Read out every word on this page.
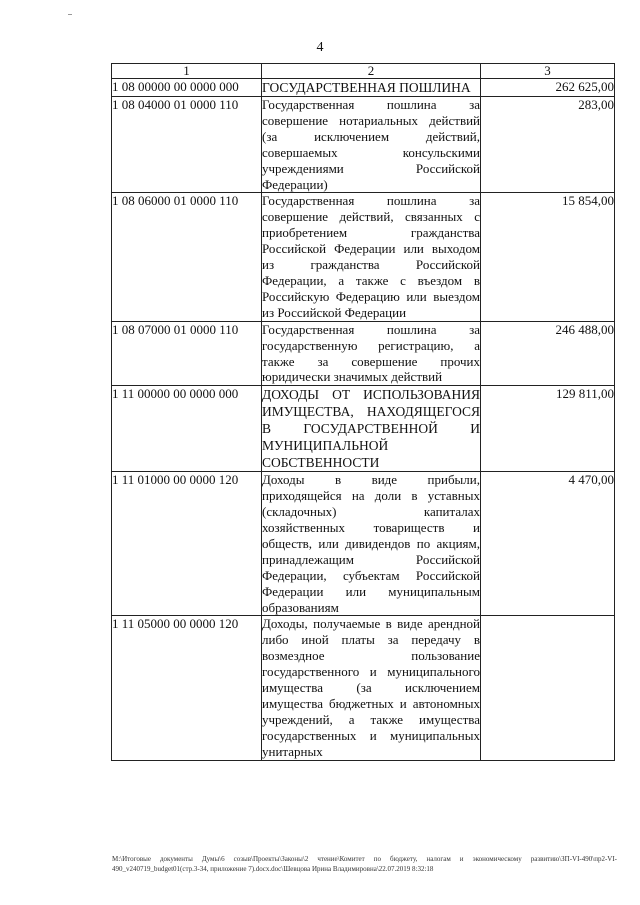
4
1	2	3
1 08 00000 00 0000 000	ГОСУДАРСТВЕННАЯ ПОШЛИНА	262 625,00
1 08 04000 01 0000 110	Государственная пошлина за совершение нотариальных действий (за исключением действий, совершаемых консульскими учреждениями Российской Федерации)	283,00
1 08 06000 01 0000 110	Государственная пошлина за совершение действий, связанных с приобретением гражданства Российской Федерации или выходом из гражданства Российской Федерации, а также с въездом в Российскую Федерацию или выездом из Российской Федерации	15 854,00
1 08 07000 01 0000 110	Государственная пошлина за государственную регистрацию, а также за совершение прочих юридически значимых действий	246 488,00
1 11 00000 00 0000 000	ДОХОДЫ ОТ ИСПОЛЬЗОВАНИЯ ИМУЩЕСТВА, НАХОДЯЩЕГОСЯ В ГОСУДАРСТВЕННОЙ И МУНИЦИПАЛЬНОЙ СОБСТВЕННОСТИ	129 811,00
1 11 01000 00 0000 120	Доходы в виде прибыли, приходящейся на доли в уставных (складочных) капиталах хозяйственных товариществ и обществ, или дивидендов по акциям, принадлежащим Российской Федерации, субъектам Российской Федерации или муниципальным образованиям	4 470,00
1 11 05000 00 0000 120	Доходы, получаемые в виде арендной либо иной платы за передачу в возмездное пользование государственного и муниципального имущества (за исключением имущества бюджетных и автономных учреждений, а также имущества государственных и муниципальных унитарных	
M:\Итоговые документы Думы\6 созыв\Проекты\Законы\2 чтение\Комитет по бюджету, налогам и экономическому развитию\ЗП-VI-490\пр2-VI-490_v240719_budget01(стр.3-34, приложение 7).docx.doc\Шевцова Ирина Владимировна\22.07.2019 8:32:18
